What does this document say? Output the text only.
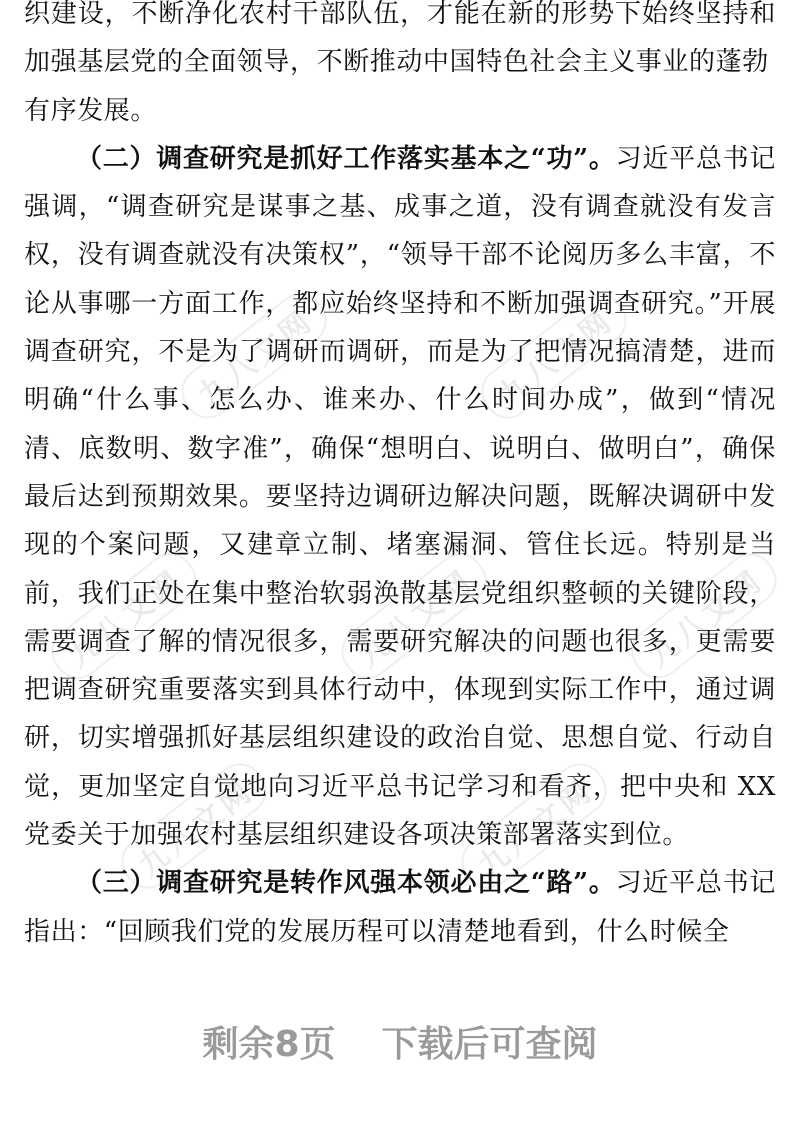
九八文网	九八文网
九八文网	九八文网	九八文网
九八文网	九八文网

织建设，不断净化农村干部队伍，才能在新的形势下始终坚持和加强基层党的全面领导，不断推动中国特色社会主义事业的蓬勃
有序发展。

（二）调查研究是抓好工作落实基本之“功”。习近平总书记强调，“调查研究是谋事之基、成事之道，没有调查就没有发言权，没有调查就没有决策权”，“领导干部不论阅历多么丰富，不论从事哪一方面工作，都应始终坚持和不断加强调查研究。”开展调查研究，不是为了调研而调研，而是为了把情况搞清楚，进而明确“什么事、怎么办、谁来办、什么时间办成”，做到“情况清、底数明、数字准”，确保“想明白、说明白、做明白”，确保最后达到预期效果。要坚持边调研边解决问题，既解决调研中发现的个案问题，又建章立制、堵塞漏洞、管住长远。特别是当前，我们正处在集中整治软弱涣散基层党组织整顿的关键阶段，需要调查了解的情况很多，需要研究解决的问题也很多，更需要把调查研究重要落实到具体行动中，体现到实际工作中，通过调研，切实增强抓好基层组织建设的政治自觉、思想自觉、行动自觉，更加坚定自觉地向习近平总书记学习和看齐，把中央和 XX 党委关于加强农村基层组织建设各项决策部署落实到位。

（三）调查研究是转作风强本领必由之“路”。习近平总书记指出：“回顾我们党的发展历程可以清楚地看到，什么时候全

剩余8页 下载后可查阅
